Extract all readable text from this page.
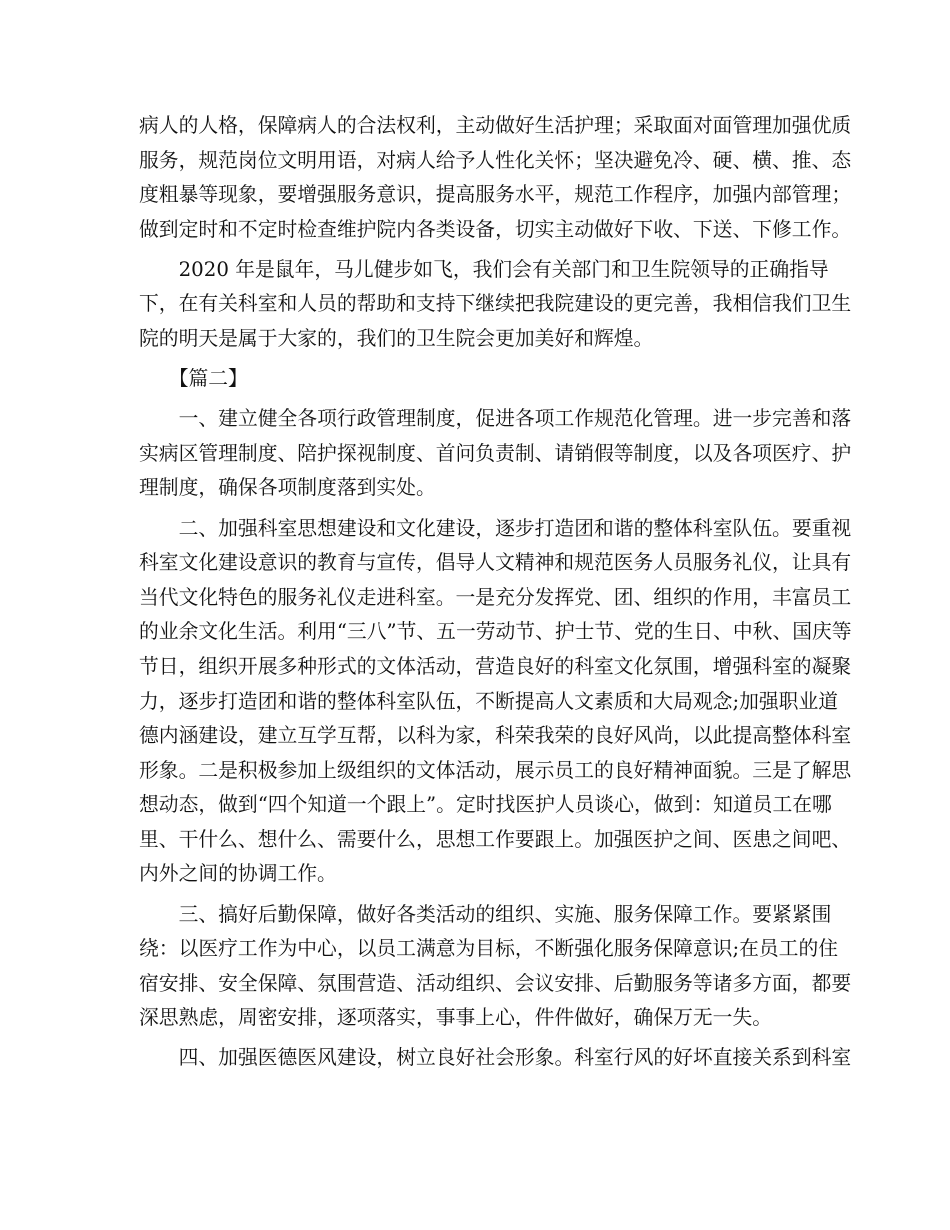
病人的人格，保障病人的合法权利，主动做好生活护理；采取面对面管理加强优质
服务，规范岗位文明用语，对病人给予人性化关怀；坚决避免冷、硬、横、推、态
度粗暴等现象，要增强服务意识，提高服务水平，规范工作程序，加强内部管理；
做到定时和不定时检查维护院内各类设备，切实主动做好下收、下送、下修工作。

2020 年是鼠年，马儿健步如飞，我们会有关部门和卫生院领导的正确指导
下，在有关科室和人员的帮助和支持下继续把我院建设的更完善，我相信我们卫生
院的明天是属于大家的，我们的卫生院会更加美好和辉煌。

【篇二】

一、建立健全各项行政管理制度，促进各项工作规范化管理。进一步完善和落
实病区管理制度、陪护探视制度、首问负责制、请销假等制度，以及各项医疗、护
理制度，确保各项制度落到实处。

二、加强科室思想建设和文化建设，逐步打造团和谐的整体科室队伍。要重视
科室文化建设意识的教育与宣传，倡导人文精神和规范医务人员服务礼仪，让具有
当代文化特色的服务礼仪走进科室。一是充分发挥党、团、组织的作用，丰富员工
的业余文化生活。利用“三八”节、五一劳动节、护士节、党的生日、中秋、国庆等
节日，组织开展多种形式的文体活动，营造良好的科室文化氛围，增强科室的凝聚
力，逐步打造团和谐的整体科室队伍，不断提高人文素质和大局观念;加强职业道
德内涵建设，建立互学互帮，以科为家，科荣我荣的良好风尚，以此提高整体科室
形象。二是积极参加上级组织的文体活动，展示员工的良好精神面貌。三是了解思
想动态，做到“四个知道一个跟上”。定时找医护人员谈心，做到：知道员工在哪
里、干什么、想什么、需要什么，思想工作要跟上。加强医护之间、医患之间吧、
内外之间的协调工作。

三、搞好后勤保障，做好各类活动的组织、实施、服务保障工作。要紧紧围
绕：以医疗工作为中心，以员工满意为目标，不断强化服务保障意识;在员工的住
宿安排、安全保障、氛围营造、活动组织、会议安排、后勤服务等诸多方面，都要
深思熟虑，周密安排，逐项落实，事事上心，件件做好，确保万无一失。

四、加强医德医风建设，树立良好社会形象。科室行风的好坏直接关系到科室
